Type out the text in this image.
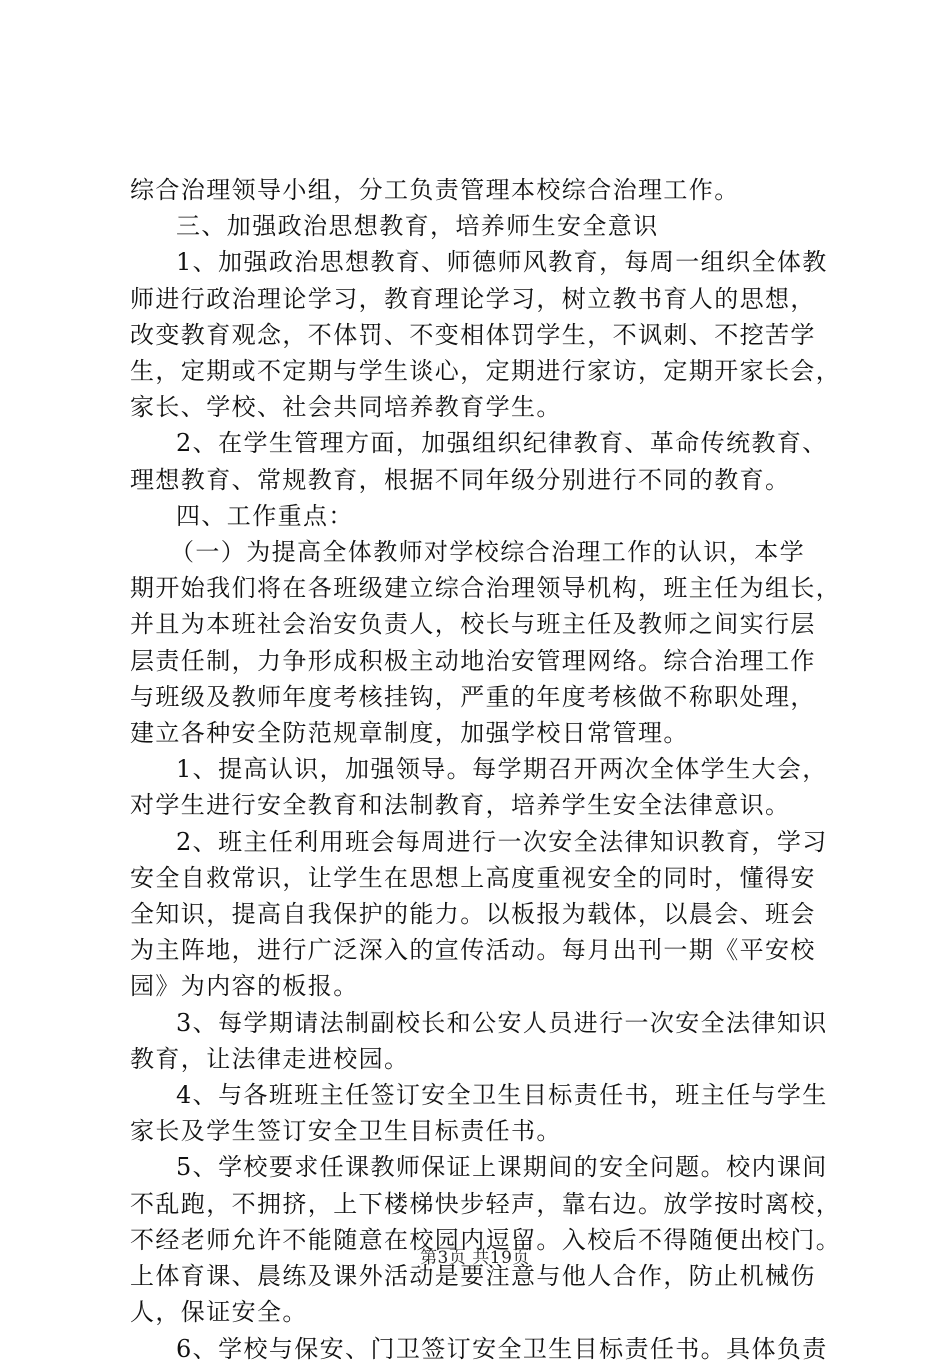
综合治理领导小组，分工负责管理本校综合治理工作。
三、加强政治思想教育，培养师生安全意识
1、加强政治思想教育、师德师风教育，每周一组织全体教
师进行政治理论学习，教育理论学习，树立教书育人的思想，
改变教育观念，不体罚、不变相体罚学生，不讽刺、不挖苦学
生，定期或不定期与学生谈心，定期进行家访，定期开家长会，
家长、学校、社会共同培养教育学生。
2、在学生管理方面，加强组织纪律教育、革命传统教育、
理想教育、常规教育，根据不同年级分别进行不同的教育。
四、工作重点：
（一）为提高全体教师对学校综合治理工作的认识，本学
期开始我们将在各班级建立综合治理领导机构，班主任为组长，
并且为本班社会治安负责人，校长与班主任及教师之间实行层
层责任制，力争形成积极主动地治安管理网络。综合治理工作
与班级及教师年度考核挂钩，严重的年度考核做不称职处理，
建立各种安全防范规章制度，加强学校日常管理。
1、提高认识，加强领导。每学期召开两次全体学生大会，
对学生进行安全教育和法制教育，培养学生安全法律意识。
2、班主任利用班会每周进行一次安全法律知识教育，学习
安全自救常识，让学生在思想上高度重视安全的同时，懂得安
全知识，提高自我保护的能力。以板报为载体，以晨会、班会
为主阵地，进行广泛深入的宣传活动。每月出刊一期《平安校
园》为内容的板报。
3、每学期请法制副校长和公安人员进行一次安全法律知识
教育，让法律走进校园。
4、与各班班主任签订安全卫生目标责任书，班主任与学生
家长及学生签订安全卫生目标责任书。
5、学校要求任课教师保证上课期间的安全问题。校内课间
不乱跑，不拥挤，上下楼梯快步轻声，靠右边。放学按时离校，
不经老师允许不能随意在校园内逗留。入校后不得随便出校门。
上体育课、晨练及课外活动是要注意与他人合作，防止机械伤
人，保证安全。
6、学校与保安、门卫签订安全卫生目标责任书。具体负责
第3页 共19页
